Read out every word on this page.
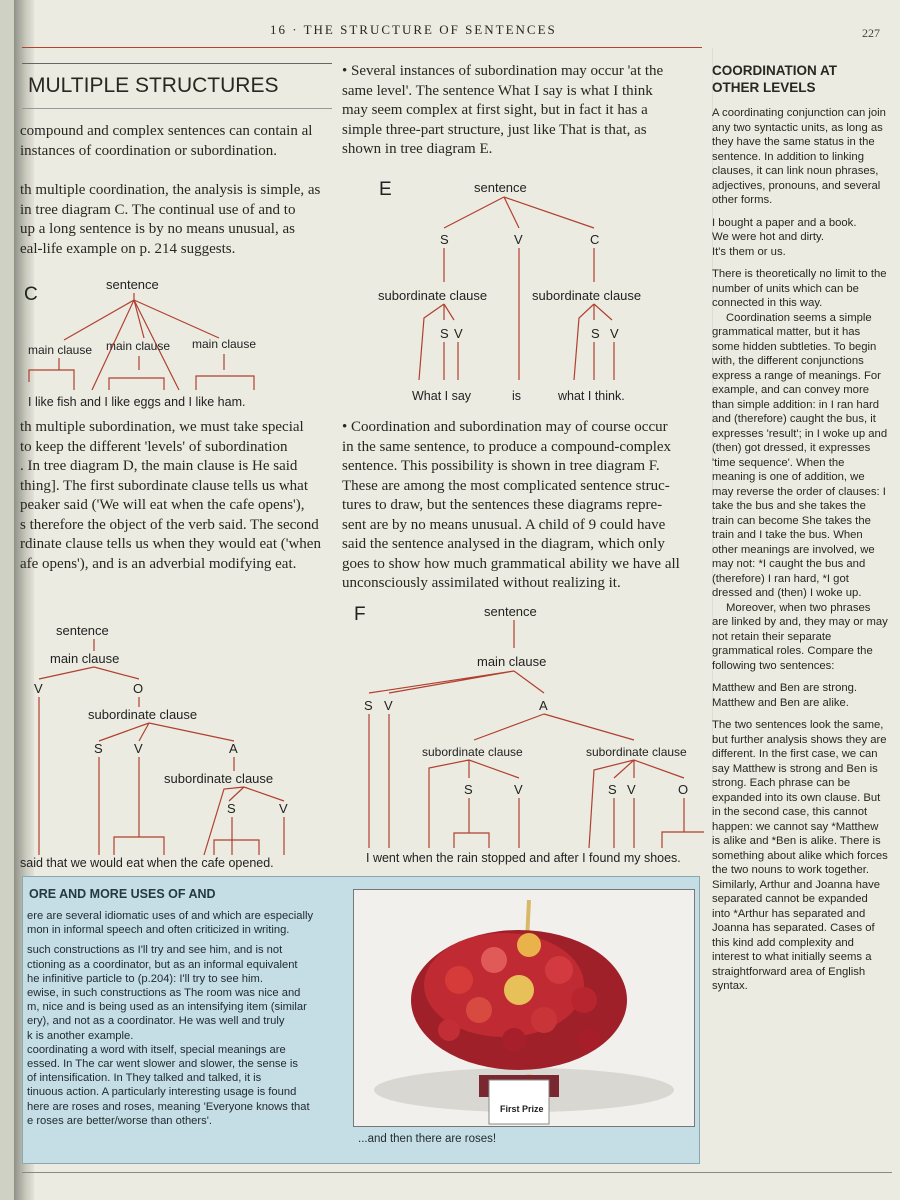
16 · THE STRUCTURE OF SENTENCES	227
MULTIPLE STRUCTURES
compound and complex sentences can contain al instances of coordination or subordination.

th multiple coordination, the analysis is simple, as

in tree diagram C. The continual use of and to

up a long sentence is by no means unusual, as

eal-life example on p. 214 suggests.

C	sentence
main clause main clause main clause
I like fish and I like eggs and I like ham.

th multiple subordination, we must take special

to keep the different 'levels' of subordination

. In tree diagram D, the main clause is He said

thing]. The first subordinate clause tells us what

peaker said ('We will eat when the cafe opens'),

s therefore the object of the verb said. The second

rdinate clause tells us when they would eat ('when

afe opens'), and is an adverbial modifying eat.

sentence
main clause
V	O
subordinate clause
S V	A
subordinate clause
S	V
said that we would eat when the cafe opened.

• Several instances of subordination may occur 'at the

same level'. The sentence What I say is what I think

may seem complex at first sight, but in fact it has a

simple three-part structure, just like That is that, as

shown in tree diagram E.

E	sentence
S	V	C
subordinate clause	subordinate clause
S V	S V
What I say	is	what I think.

• Coordination and subordination may of course occur

in the same sentence, to produce a compound-complex

sentence. This possibility is shown in tree diagram F.

These are among the most complicated sentence struc-

tures to draw, but the sentences these diagrams repre-

sent are by no means unusual. A child of 9 could have

said the sentence analysed in the diagram, which only

goes to show how much grammatical ability we have all

unconsciously assimilated without realizing it.

F	sentence
main clause
S V	A
subordinate clause	subordinate clause
S	V	S V	O
I went when the rain stopped and after I found my shoes.
COORDINATION AT OTHER LEVELS

A coordinating conjunction can join any two syntactic units, as long as they have the same status in the sentence. In addition to linking clauses, it can link noun phrases, adjectives, pronouns, and several other forms.

I bought a paper and a book.
We were hot and dirty.
It's them or us.

There is theoretically no limit to the number of units which can be connected in this way.

Coordination seems a simple grammatical matter, but it has some hidden subtleties. To begin with, the different conjunctions express a range of meanings. For example, and can convey more than simple addition: in I ran hard and (therefore) caught the bus, it expresses 'result'; in I woke up and (then) got dressed, it expresses 'time sequence'. When the meaning is one of addition, we may reverse the order of clauses: I take the bus and she takes the train can become She takes the train and I take the bus. When other meanings are involved, we may not: *I caught the bus and (therefore) I ran hard, *I got dressed and (then) I woke up.

Moreover, when two phrases are linked by and, they may or may not retain their separate grammatical roles. Compare the following two sentences:

Matthew and Ben are strong.
Matthew and Ben are alike.

The two sentences look the same, but further analysis shows they are different. In the first case, we can say Matthew is strong and Ben is strong. Each phrase can be expanded into its own clause. But in the second case, this cannot happen: we cannot say *Matthew is alike and *Ben is alike. There is something about alike which forces the two nouns to work together. Similarly, Arthur and Joanna have separated cannot be expanded into *Arthur has separated and Joanna has separated. Cases of this kind add complexity and interest to what initially seems a straightforward area of English syntax.

ORE AND MORE USES OF AND
ere are several idiomatic uses of and which are especially
mon in informal speech and often criticized in writing.
such constructions as I'll try and see him, and is not
ctioning as a coordinator, but as an informal equivalent
he infinitive particle to (p.204): I'll try to see him.
ewise, in such constructions as The room was nice and
m, nice and is being used as an intensifying item (similar
ery), and not as a coordinator. He was well and truly
k is another example.
coordinating a word with itself, special meanings are
essed. In The car went slower and slower, the sense is
of intensification. In They talked and talked, it is
tinuous action. A particularly interesting usage is found
here are roses and roses, meaning 'Everyone knows that
e roses are better/worse than others'.
First Prize
...and then there are roses!
